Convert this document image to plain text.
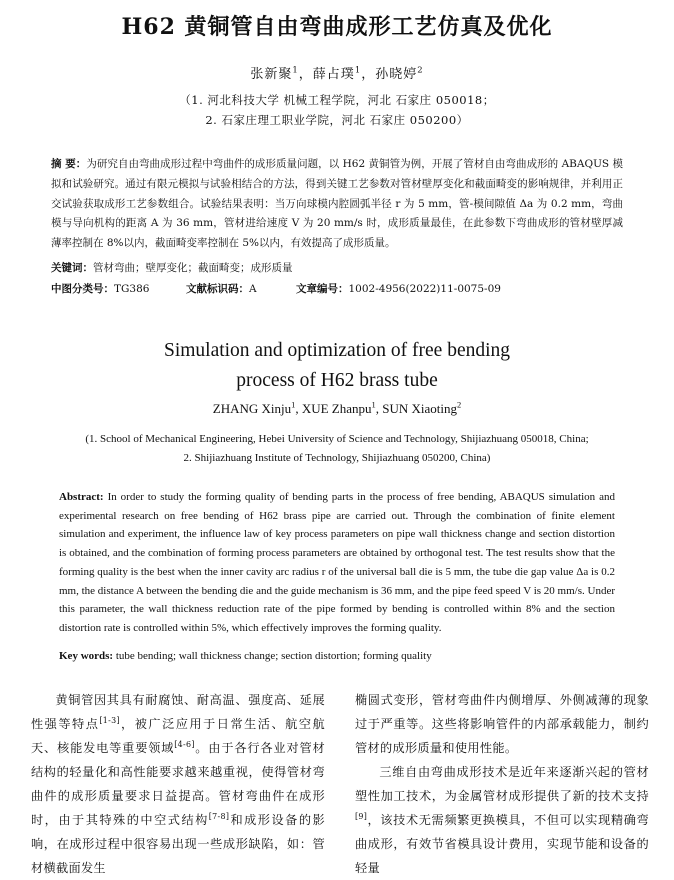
H62 黄铜管自由弯曲成形工艺仿真及优化
张新聚$^1$，薛占璞$^1$，孙晓婷$^2$
（1. 河北科技大学 机械工程学院，河北 石家庄 050018；
2. 石家庄理工职业学院，河北 石家庄 050200）
摘 要：为研究自由弯曲成形过程中弯曲件的成形质量问题，以 H62 黄铜管为例，开展了管材自由弯曲成形的 ABAQUS 模拟和试验研究。通过有限元模拟与试验相结合的方法，得到关键工艺参数对管材壁厚变化和截面畸变的影响规律，并利用正交试验获取成形工艺参数组合。试验结果表明：当万向球模内腔圆弧半径 r 为 5 mm，管-模间隙值 Δa 为 0.2 mm，弯曲模与导向机构的距离 A 为 36 mm，管材进给速度 V 为 20 mm/s 时，成形质量最佳，在此参数下弯曲成形的管材壁厚减薄率控制在 8%以内，截面畸变率控制在 5%以内，有效提高了成形质量。
关键词：管材弯曲；壁厚变化；截面畸变；成形质量
中图分类号：TG386	文献标识码：A	文章编号：1002-4956(2022)11-0075-09
Simulation and optimization of free bending
process of H62 brass tube
ZHANG Xinju$^1$, XUE Zhanpu$^1$, SUN Xiaoting$^2$
(1. School of Mechanical Engineering, Hebei University of Science and Technology, Shijiazhuang 050018, China;
2. Shijiazhuang Institute of Technology, Shijiazhuang 050200, China)
Abstract: In order to study the forming quality of bending parts in the process of free bending, ABAQUS simulation and experimental research on free bending of H62 brass pipe are carried out. Through the combination of finite element simulation and experiment, the influence law of key process parameters on pipe wall thickness change and section distortion is obtained, and the combination of forming process parameters are obtained by orthogonal test. The test results show that the forming quality is the best when the inner cavity arc radius r of the universal ball die is 5 mm, the tube die gap value Δa is 0.2 mm, the distance A between the bending die and the guide mechanism is 36 mm, and the pipe feed speed V is 20 mm/s. Under this parameter, the wall thickness reduction rate of the pipe formed by bending is controlled within 8% and the section distortion rate is controlled within 5%, which effectively improves the forming quality.
Key words: tube bending; wall thickness change; section distortion; forming quality

黄铜管因其具有耐腐蚀、耐高温、强度高、延展性强等特点[1-3]，被广泛应用于日常生活、航空航天、核能发电等重要领域[4-6]。由于各行各业对管材结构的轻量化和高性能要求越来越重视，使得管材弯曲件的成形质量要求日益提高。管材弯曲件在成形时，由于其特殊的中空式结构[7-8]和成形设备的影响，在成形过程中很容易出现一些成形缺陷，如：管材横截面发生

椭圆式变形，管材弯曲件内侧增厚、外侧减薄的现象过于严重等。这些将影响管件的内部承载能力，制约管材的成形质量和使用性能。

三维自由弯曲成形技术是近年来逐渐兴起的管材塑性加工技术，为金属管材成形提供了新的技术支持[9]，该技术无需频繁更换模具，不但可以实现精确弯曲成形，有效节省模具设计费用，实现节能和设备的轻量
